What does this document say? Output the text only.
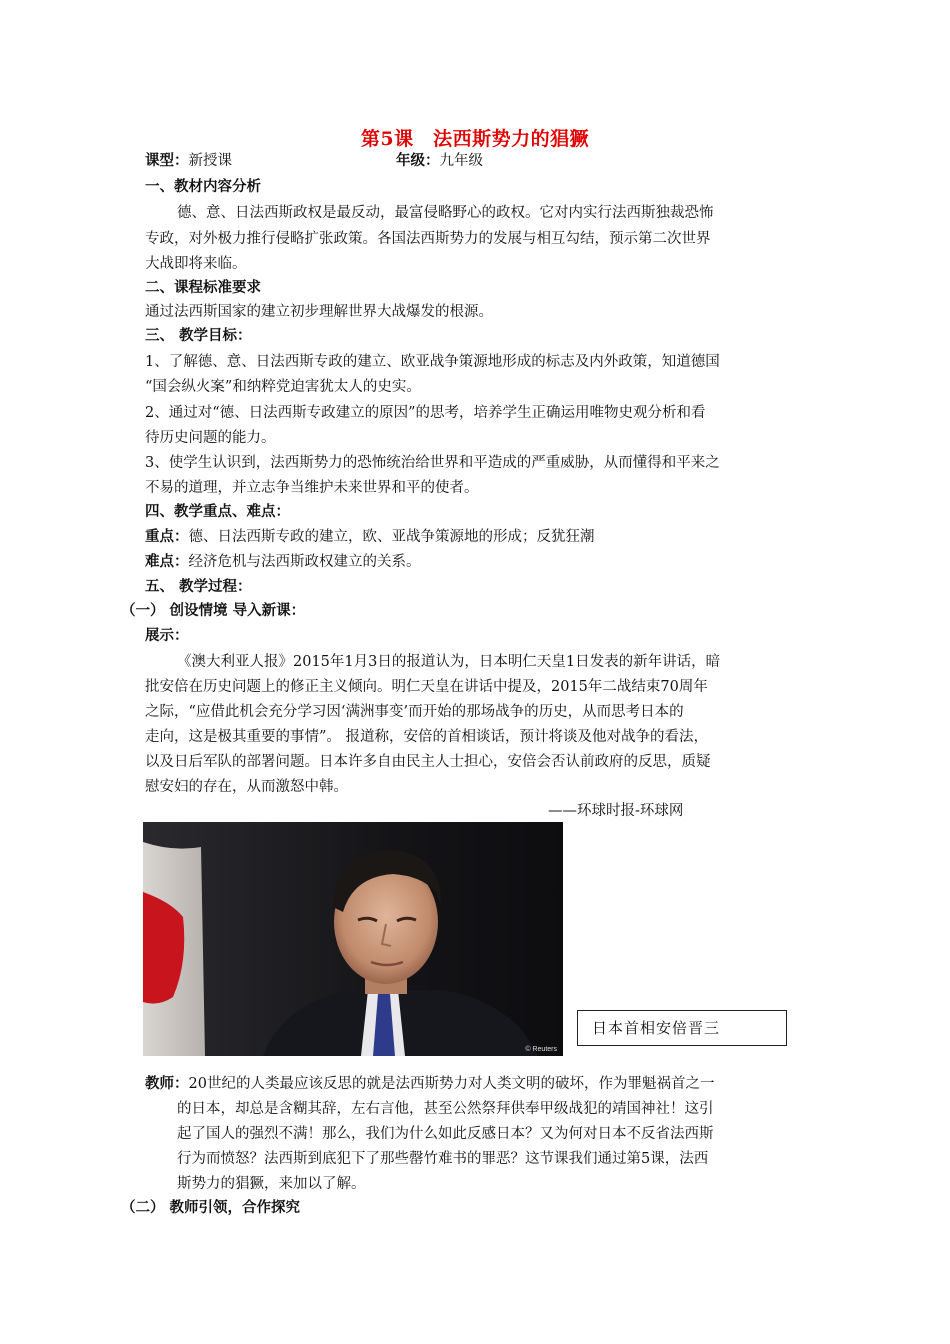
第5课　法西斯势力的猖獗
课型：新授课	年级：九年级
一、教材内容分析
德、意、日法西斯政权是最反动，最富侵略野心的政权。它对内实行法西斯独裁恐怖
专政，对外极力推行侵略扩张政策。各国法西斯势力的发展与相互勾结，预示第二次世界
大战即将来临。
二、课程标准要求
通过法西斯国家的建立初步理解世界大战爆发的根源。
三、 教学目标：
1、了解德、意、日法西斯专政的建立、欧亚战争策源地形成的标志及内外政策，知道德国
“国会纵火案”和纳粹党迫害犹太人的史实。
2、通过对“德、日法西斯专政建立的原因”的思考，培养学生正确运用唯物史观分析和看
待历史问题的能力。
3、使学生认识到，法西斯势力的恐怖统治给世界和平造成的严重威胁，从而懂得和平来之
不易的道理，并立志争当维护未来世界和平的使者。
四、教学重点、难点：
重点：德、日法西斯专政的建立，欧、亚战争策源地的形成；反犹狂潮
难点：经济危机与法西斯政权建立的关系。
五、 教学过程：
（一） 创设情境 导入新课：
展示：
《澳大利亚人报》2015年1月3日的报道认为，日本明仁天皇1日发表的新年讲话，暗
批安倍在历史问题上的修正主义倾向。明仁天皇在讲话中提及，2015年二战结束70周年
之际，“应借此机会充分学习因‘满洲事变’而开始的那场战争的历史，从而思考日本的
走向，这是极其重要的事情”。 报道称，安倍的首相谈话，预计将谈及他对战争的看法，
以及日后军队的部署问题。日本许多自由民主人士担心，安倍会否认前政府的反思，质疑
慰安妇的存在，从而激怒中韩。
——环球时报-环球网
© Reuters
日本首相安倍晋三
教师：20世纪的人类最应该反思的就是法西斯势力对人类文明的破坏，作为罪魁祸首之一
的日本，却总是含糊其辞，左右言他，甚至公然祭拜供奉甲级战犯的靖国神社！这引
起了国人的强烈不满！那么，我们为什么如此反感日本？又为何对日本不反省法西斯
行为而愤怒？法西斯到底犯下了那些罄竹难书的罪恶？这节课我们通过第5课，法西
斯势力的猖獗，来加以了解。
（二） 教师引领，合作探究
